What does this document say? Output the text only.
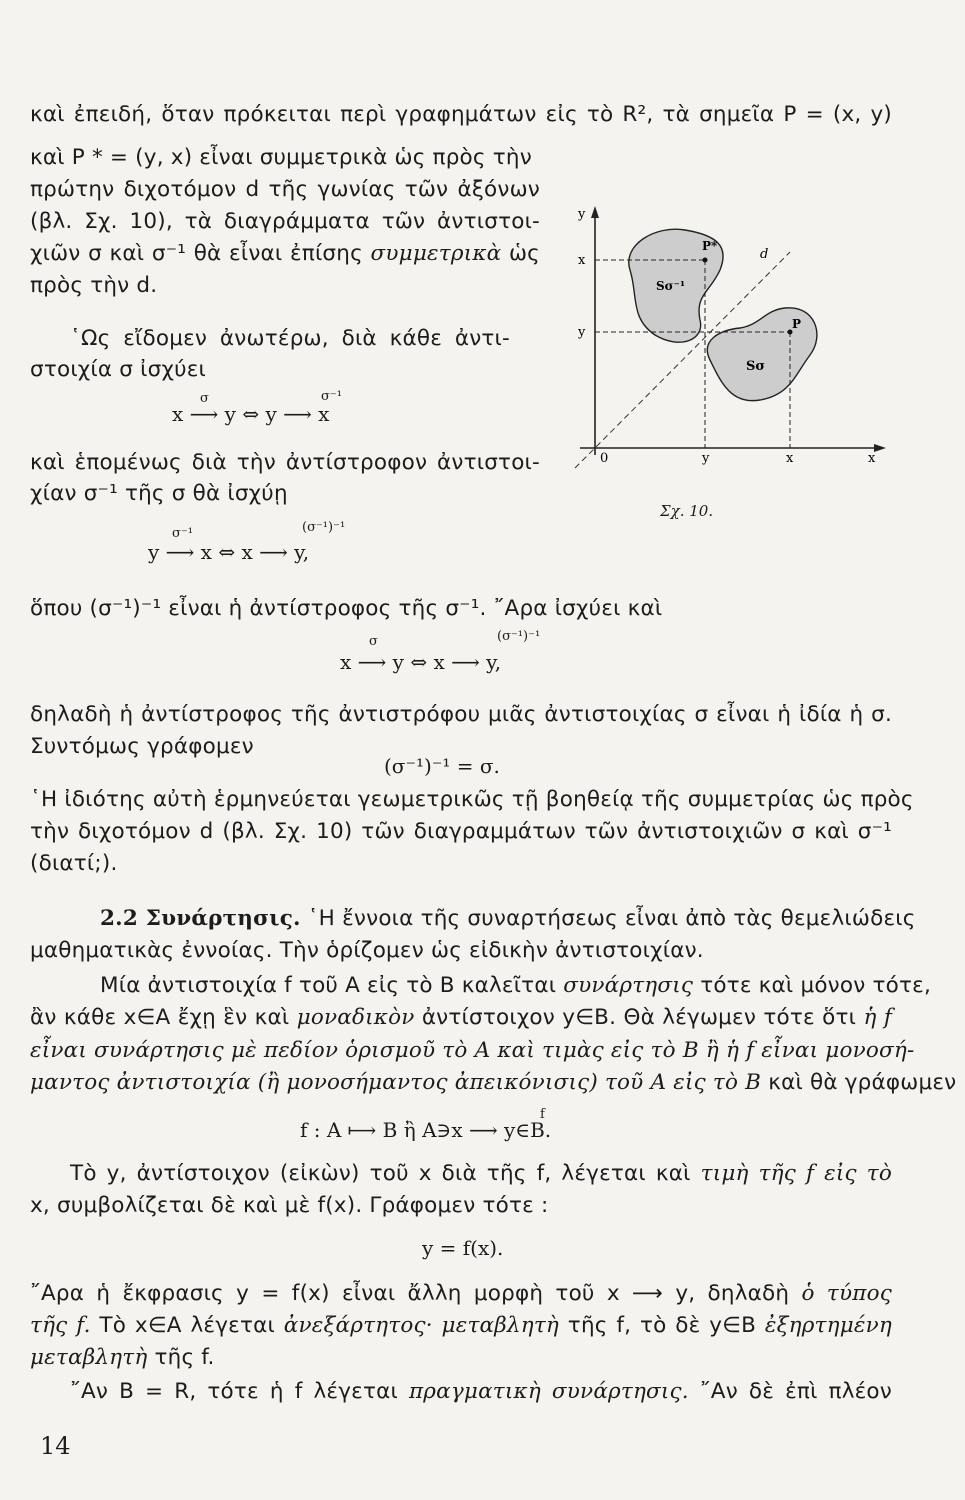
καὶ ἐπειδή, ὅταν πρόκειται περὶ γραφημάτων εἰς τὸ R², τὰ σημεῖα P = (x, y)
καὶ P * = (y, x) εἶναι συμμετρικὰ ὡς πρὸς τὴν
πρώτην διχοτόμον d τῆς γωνίας τῶν ἀξόνων
(βλ. Σχ. 10), τὰ διαγράμματα τῶν ἀντιστοι-
χιῶν σ καὶ σ⁻¹ θὰ εἶναι ἐπίσης συμμετρικὰ ὡς
πρὸς τὴν d.
῾Ως εἴδομεν ἀνωτέρω, διὰ κάθε ἀντι-
στοιχία σ ἰσχύει
σ	σ⁻¹
x ⟶ y ⇔ y ⟶ x
καὶ ἑπομένως διὰ τὴν ἀντίστροφον ἀντιστοι-
χίαν σ⁻¹ τῆς σ θὰ ἰσχύῃ
σ⁻¹	(σ⁻¹)⁻¹
y ⟶ x ⇔ x ⟶ y,
ὅπου (σ⁻¹)⁻¹ εἶναι ἡ ἀντίστροφος τῆς σ⁻¹. ῎Αρα ἰσχύει καὶ
σ	(σ⁻¹)⁻¹
x ⟶ y ⇔ x ⟶ y,
δηλαδὴ ἡ ἀντίστροφος τῆς ἀντιστρόφου μιᾶς ἀντιστοιχίας σ εἶναι ἡ ἰδία ἡ σ.
Συντόμως γράφομεν
(σ⁻¹)⁻¹ = σ.
῾Η ἰδιότης αὐτὴ ἑρμηνεύεται γεωμετρικῶς τῇ βοηθείᾳ τῆς συμμετρίας ὡς πρὸς
τὴν διχοτόμον d (βλ. Σχ. 10) τῶν διαγραμμάτων τῶν ἀντιστοιχιῶν σ καὶ σ⁻¹
(διατί;).
2.2 Συνάρτησις. ῾Η ἔννοια τῆς συναρτήσεως εἶναι ἀπὸ τὰς θεμελιώδεις
μαθηματικὰς ἐννοίας. Τὴν ὁρίζομεν ὡς εἰδικὴν ἀντιστοιχίαν.
Μία ἀντιστοιχία f τοῦ A εἰς τὸ B καλεῖται συνάρτησις τότε καὶ μόνον τότε,
ἂν κάθε x∈A ἔχῃ ἓν καὶ μοναδικὸν ἀντίστοιχον y∈B. Θὰ λέγωμεν τότε ὅτι ἡ f
εἶναι συνάρτησις μὲ πεδίον ὁρισμοῦ τὸ A καὶ τιμὰς εἰς τὸ B ἢ ἡ f εἶναι μονοσή-
μαντος ἀντιστοιχία (ἢ μονοσήμαντος ἀπεικόνισις) τοῦ A εἰς τὸ B καὶ θὰ γράφωμεν
f
f : A ⟼ B ἢ A∋x ⟶ y∈B.
Τὸ y, ἀντίστοιχον (εἰκὼν) τοῦ x διὰ τῆς f, λέγεται καὶ τιμὴ τῆς f εἰς τὸ
x, συμβολίζεται δὲ καὶ μὲ f(x). Γράφομεν τότε :
y = f(x).
῎Αρα ἡ ἔκφρασις y = f(x) εἶναι ἄλλη μορφὴ τοῦ x ⟶ y, δηλαδὴ ὁ τύπος
τῆς f. Τὸ x∈A λέγεται ἀνεξάρτητος· μεταβλητὴ τῆς f, τὸ δὲ y∈B ἐξηρτημένη
μεταβλητὴ τῆς f.
῎Αν B = R, τότε ἡ f λέγεται πραγματικὴ συνάρτησις. ῎Αν δὲ ἐπὶ πλέον
y
x
y
0	y	x	x
P*
P
d
Sσ⁻¹
Sσ
Σχ. 10.
14
